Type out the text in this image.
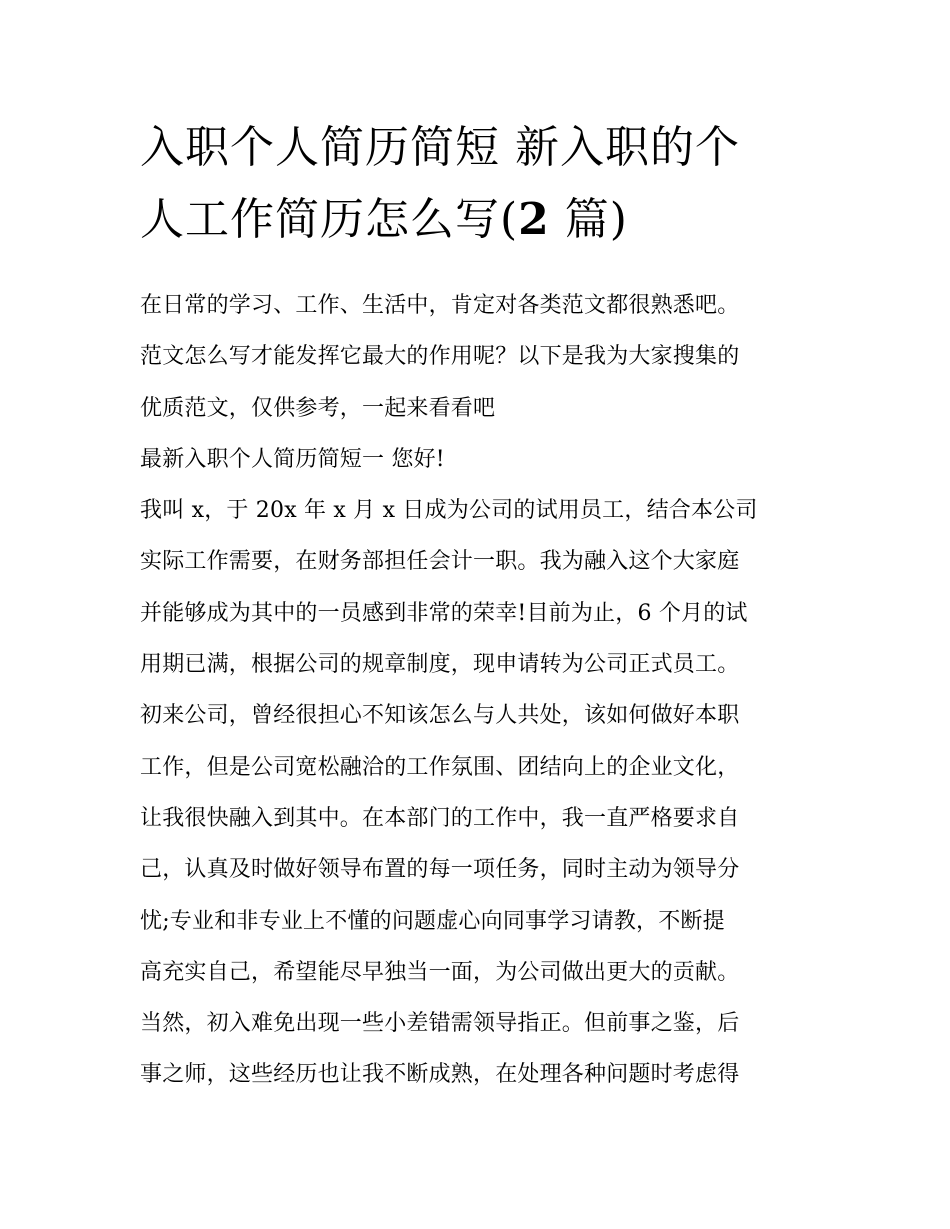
入职个人简历简短 新入职的个
人工作简历怎么写(2 篇)
在日常的学习、工作、生活中，肯定对各类范文都很熟悉吧。
范文怎么写才能发挥它最大的作用呢？以下是我为大家搜集的
优质范文，仅供参考，一起来看看吧
最新入职个人简历简短一 您好!
我叫 x，于 20x 年 x 月 x 日成为公司的试用员工，结合本公司
实际工作需要，在财务部担任会计一职。我为融入这个大家庭
并能够成为其中的一员感到非常的荣幸!目前为止，6 个月的试
用期已满，根据公司的规章制度，现申请转为公司正式员工。
初来公司，曾经很担心不知该怎么与人共处，该如何做好本职
工作，但是公司宽松融洽的工作氛围、团结向上的企业文化，
让我很快融入到其中。在本部门的工作中，我一直严格要求自
己，认真及时做好领导布置的每一项任务，同时主动为领导分
忧;专业和非专业上不懂的问题虚心向同事学习请教，不断提
高充实自己，希望能尽早独当一面，为公司做出更大的贡献。
当然，初入难免出现一些小差错需领导指正。但前事之鉴，后
事之师，这些经历也让我不断成熟，在处理各种问题时考虑得
